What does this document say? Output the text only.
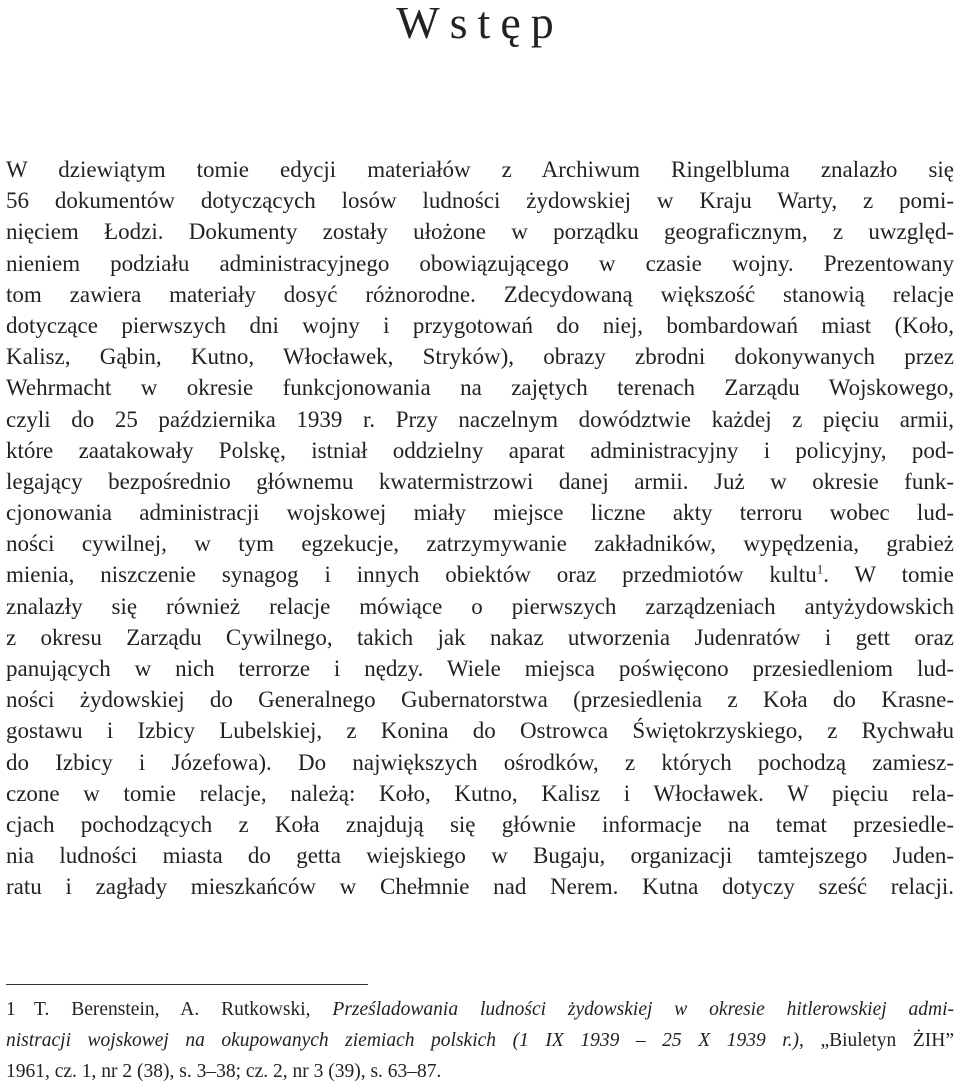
Wstęp
W dziewiątym tomie edycji materiałów z Archiwum Ringelbluma znalazło się
56 dokumentów dotyczących losów ludności żydowskiej w Kraju Warty, z pomi-
nięciem Łodzi. Dokumenty zostały ułożone w porządku geograficznym, z uwzględ-
nieniem podziału administracyjnego obowiązującego w czasie wojny. Prezentowany
tom zawiera materiały dosyć różnorodne. Zdecydowaną większość stanowią relacje
dotyczące pierwszych dni wojny i przygotowań do niej, bombardowań miast (Koło,
Kalisz, Gąbin, Kutno, Włocławek, Stryków), obrazy zbrodni dokonywanych przez
Wehrmacht w okresie funkcjonowania na zajętych terenach Zarządu Wojskowego,
czyli do 25 października 1939 r. Przy naczelnym dowództwie każdej z pięciu armii,
które zaatakowały Polskę, istniał oddzielny aparat administracyjny i policyjny, pod-
legający bezpośrednio głównemu kwatermistrzowi danej armii. Już w okresie funk-
cjonowania administracji wojskowej miały miejsce liczne akty terroru wobec lud-
ności cywilnej, w tym egzekucje, zatrzymywanie zakładników, wypędzenia, grabież
mienia, niszczenie synagog i innych obiektów oraz przedmiotów kultu$^1$. W tomie
znalazły się również relacje mówiące o pierwszych zarządzeniach antyżydowskich
z okresu Zarządu Cywilnego, takich jak nakaz utworzenia Judenratów i gett oraz
panujących w nich terrorze i nędzy. Wiele miejsca poświęcono przesiedleniom lud-
ności żydowskiej do Generalnego Gubernatorstwa (przesiedlenia z Koła do Krasne-
gostawu i Izbicy Lubelskiej, z Konina do Ostrowca Świętokrzyskiego, z Rychwału
do Izbicy i Józefowa). Do największych ośrodków, z których pochodzą zamiesz-
czone w tomie relacje, należą: Koło, Kutno, Kalisz i Włocławek. W pięciu rela-
cjach pochodzących z Koła znajdują się głównie informacje na temat przesiedle-
nia ludności miasta do getta wiejskiego w Bugaju, organizacji tamtejszego Juden-
ratu i zagłady mieszkańców w Chełmnie nad Nerem. Kutna dotyczy sześć relacji.
1 T. Berenstein, A. Rutkowski, Prześladowania ludności żydowskiej w okresie hitlerowskiej admi-
nistracji wojskowej na okupowanych ziemiach polskich (1 IX 1939 – 25 X 1939 r.), „Biuletyn ŻIH”
1961, cz. 1, nr 2 (38), s. 3–38; cz. 2, nr 3 (39), s. 63–87.
